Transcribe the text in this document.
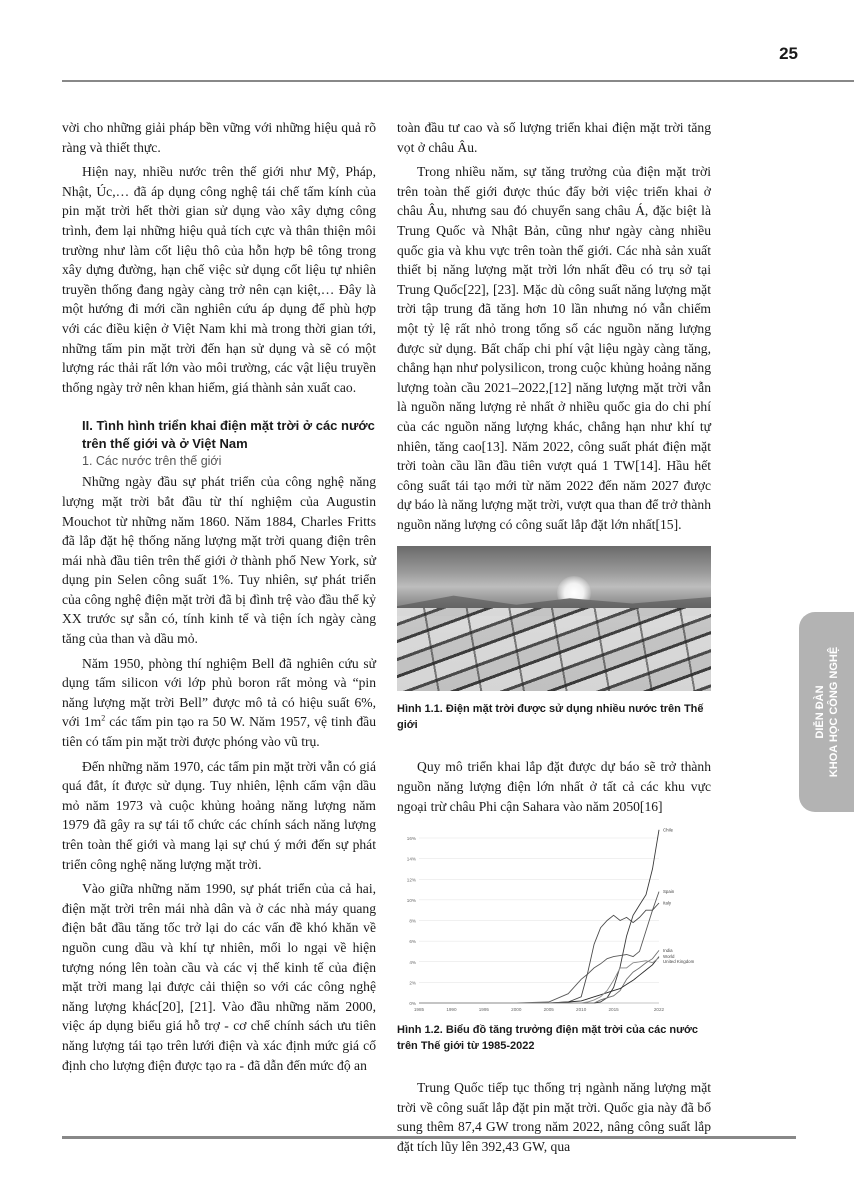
25

vời cho những giải pháp bền vững với những hiệu quả rõ ràng và thiết thực.

Hiện nay, nhiều nước trên thế giới như Mỹ, Pháp, Nhật, Úc,… đã áp dụng công nghệ tái chế tấm kính của pin mặt trời hết thời gian sử dụng vào xây dựng công trình, đem lại những hiệu quả tích cực và thân thiện môi trường như làm cốt liệu thô của hỗn hợp bê tông trong xây dựng đường, hạn chế việc sử dụng cốt liệu tự nhiên truyền thống đang ngày càng trở nên cạn kiệt,… Đây là một hướng đi mới cần nghiên cứu áp dụng để phù hợp với các điều kiện ở Việt Nam khi mà trong thời gian tới, những tấm pin mặt trời đến hạn sử dụng và sẽ có một lượng rác thải rất lớn vào môi trường, các vật liệu truyền thống ngày trở nên khan hiếm, giá thành sản xuất cao.

II. Tình hình triển khai điện mặt trời ở các nước trên thế giới và ở Việt Nam
1. Các nước trên thế giới

Những ngày đầu sự phát triển của công nghệ năng lượng mặt trời bắt đầu từ thí nghiệm của Augustin Mouchot từ những năm 1860. Năm 1884, Charles Fritts đã lắp đặt hệ thống năng lượng mặt trời quang điện trên mái nhà đầu tiên trên thế giới ở thành phố New York, sử dụng pin Selen công suất 1%. Tuy nhiên, sự phát triển của công nghệ điện mặt trời đã bị đình trệ vào đầu thế kỷ XX trước sự sẵn có, tính kinh tế và tiện ích ngày càng tăng của than và dầu mỏ.

Năm 1950, phòng thí nghiệm Bell đã nghiên cứu sử dụng tấm silicon với lớp phủ boron rất mỏng và “pin năng lượng mặt trời Bell” được mô tả có hiệu suất 6%, với $1m^2$ các tấm pin tạo ra 50 W. Năm 1957, vệ tinh đầu tiên có tấm pin mặt trời được phóng vào vũ trụ.

Đến những năm 1970, các tấm pin mặt trời vẫn có giá quá đắt, ít được sử dụng. Tuy nhiên, lệnh cấm vận dầu mỏ năm 1973 và cuộc khủng hoảng năng lượng năm 1979 đã gây ra sự tái tổ chức các chính sách năng lượng trên toàn thế giới và mang lại sự chú ý mới đến sự phát triển công nghệ năng lượng mặt trời.

Vào giữa những năm 1990, sự phát triển của cả hai, điện mặt trời trên mái nhà dân và ở các nhà máy quang điện bắt đầu tăng tốc trở lại do các vấn đề khó khăn về nguồn cung dầu và khí tự nhiên, mối lo ngại về hiện tượng nóng lên toàn cầu và các vị thế kinh tế của điện mặt trời mang lại được cải thiện so với các công nghệ năng lượng khác[20], [21]. Vào đầu những năm 2000, việc áp dụng biểu giá hỗ trợ - cơ chế chính sách ưu tiên năng lượng tái tạo trên lưới điện và xác định mức giá cố định cho lượng điện được tạo ra - đã dẫn đến mức độ an

toàn đầu tư cao và số lượng triển khai điện mặt trời tăng vọt ở châu Âu.

Trong nhiều năm, sự tăng trưởng của điện mặt trời trên toàn thế giới được thúc đẩy bởi việc triển khai ở châu Âu, nhưng sau đó chuyển sang châu Á, đặc biệt là Trung Quốc và Nhật Bản, cũng như ngày càng nhiều quốc gia và khu vực trên toàn thế giới. Các nhà sản xuất thiết bị năng lượng mặt trời lớn nhất đều có trụ sở tại Trung Quốc[22], [23]. Mặc dù công suất năng lượng mặt trời tập trung đã tăng hơn 10 lần nhưng nó vẫn chiếm một tỷ lệ rất nhỏ trong tổng số các nguồn năng lượng được sử dụng. Bất chấp chi phí vật liệu ngày càng tăng, chẳng hạn như polysilicon, trong cuộc khủng hoảng năng lượng toàn cầu 2021–2022,[12] năng lượng mặt trời vẫn là nguồn năng lượng rẻ nhất ở nhiều quốc gia do chi phí của các nguồn năng lượng khác, chẳng hạn như khí tự nhiên, tăng cao[13]. Năm 2022, công suất phát điện mặt trời toàn cầu lần đầu tiên vượt quá 1 TW[14]. Hầu hết công suất tái tạo mới từ năm 2022 đến năm 2027 được dự báo là năng lượng mặt trời, vượt qua than để trở thành nguồn năng lượng có công suất lắp đặt lớn nhất[15].

Hình 1.1. Điện mặt trời được sử dụng nhiều nước trên Thế giới

Quy mô triển khai lắp đặt được dự báo sẽ trở thành nguồn năng lượng điện lớn nhất ở tất cả các khu vực ngoại trừ châu Phi cận Sahara vào năm 2050[16]

0%
2%
4%
6%
8%
10%
12%
14%
16%
1985	1990	1995	2000	2005	2010	2015	2022
Chile
Spain
Italy
India
World
United Kingdom
Hình 1.2. Biểu đồ tăng trưởng điện mặt trời của các nước trên Thế giới từ 1985-2022

Trung Quốc tiếp tục thống trị ngành năng lượng mặt trời về công suất lắp đặt pin mặt trời. Quốc gia này đã bổ sung thêm 87,4 GW trong năm 2022, nâng công suất lắp đặt tích lũy lên 392,43 GW, qua

DIỄN ĐÀN KHOA HỌC CÔNG NGHỆ
